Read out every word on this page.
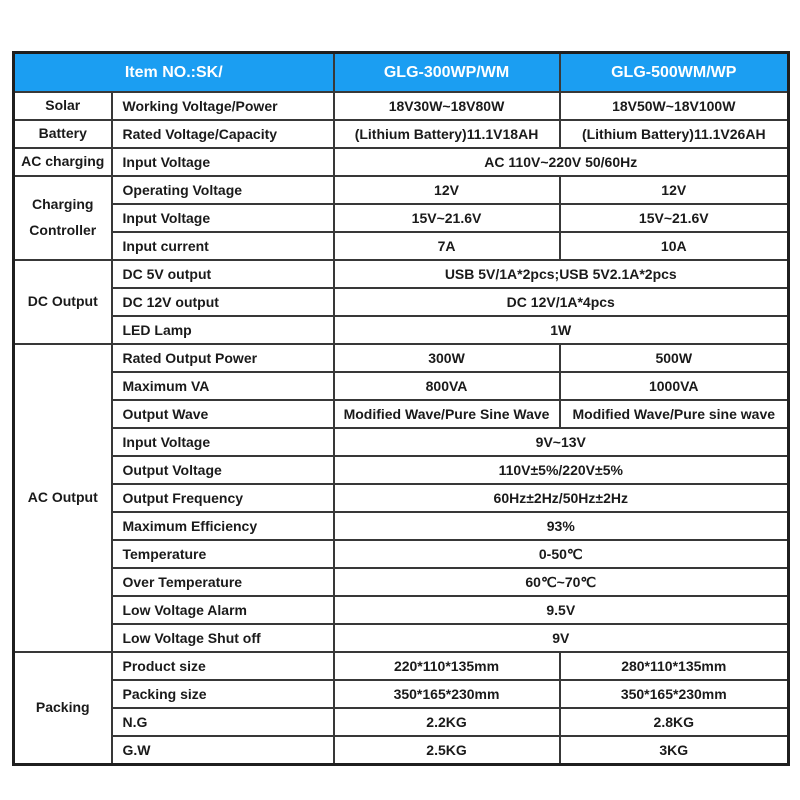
Item NO.:SK/		GLG-300WP/WM	GLG-500WM/WP
Solar	Working Voltage/Power	18V30W~18V80W	18V50W~18V100W
Battery	Rated Voltage/Capacity	(Lithium Battery)11.1V18AH	(Lithium Battery)11.1V26AH
AC charging	Input Voltage	AC 110V~220V 50/60Hz	
Charging Controller	Operating Voltage	12V	12V
	Input Voltage	15V~21.6V	15V~21.6V
	Input current	7A	10A
DC Output	DC 5V output	USB 5V/1A*2pcs;USB 5V2.1A*2pcs	
	DC 12V output	DC 12V/1A*4pcs	
	LED Lamp	1W	
AC Output	Rated Output Power	300W	500W
	Maximum VA	800VA	1000VA
	Output Wave	Modified Wave/Pure Sine Wave	Modified Wave/Pure sine wave
	Input Voltage	9V~13V	
	Output Voltage	110V±5%/220V±5%	
	Output Frequency	60Hz±2Hz/50Hz±2Hz	
	Maximum Efficiency	93%	
	Temperature	0-50℃	
	Over Temperature	60℃~70℃	
	Low Voltage Alarm	9.5V	
	Low Voltage Shut off	9V	
Packing	Product size	220*110*135mm	280*110*135mm
	Packing size	350*165*230mm	350*165*230mm
	N.G	2.2KG	2.8KG
	G.W	2.5KG	3KG
